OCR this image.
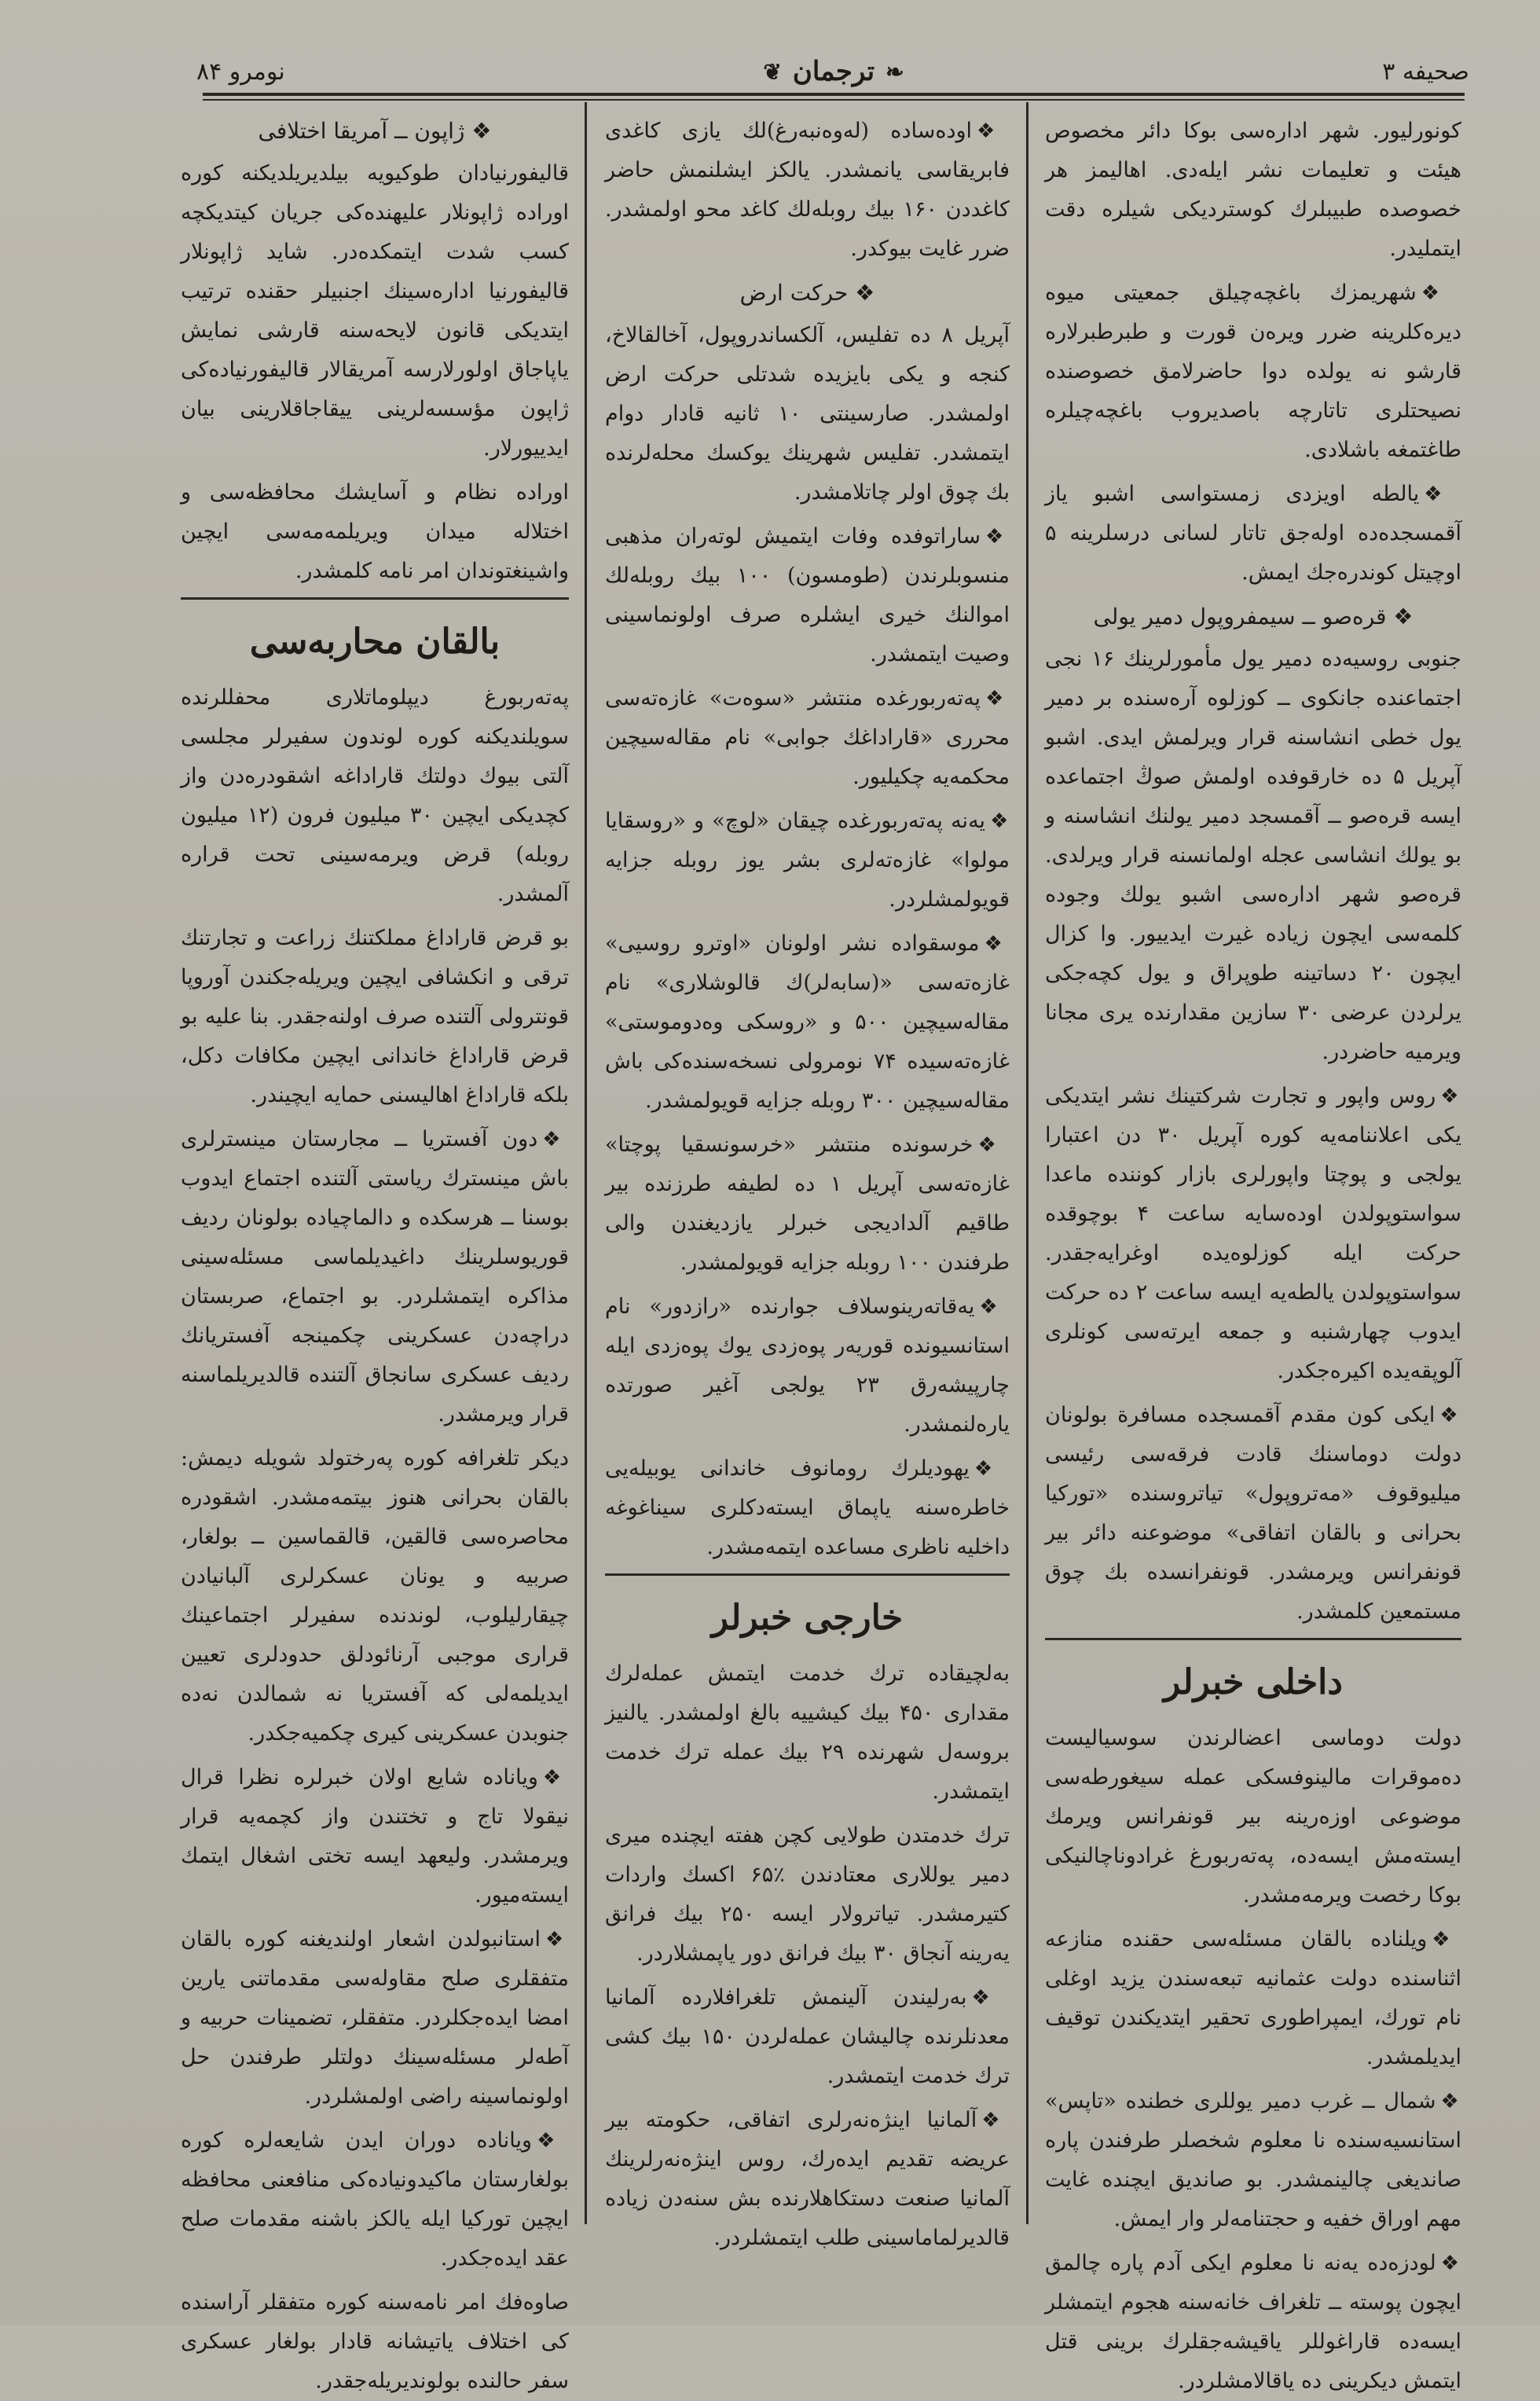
صحیفه ۳
❧
ترجمان
❦
نومرو ۸۴

کونورلیور. شهر ادارەسی بوکا دائر مخصوص هیئت و تعلیمات نشر ایلەدی. اهالیمز هر خصوصدە طبیبلرك کوستردیکی شیلرە دقت ایتملیدر.

❖شهریمزك باغچەچیلق جمعیتی میوە دیرەکلرینە ضرر ویرەن قورت و طبرطبرلارە قارشو نە یولدە دوا حاضرلامق خصوصندە نصیحتلری تاتارچە باصدیروب باغچەچیلرە طاغتمغە باشلادی.

❖یالطە اویزدی زمستواسی اشبو یاز آقمسجدەدە اولەجق تاتار لسانی درسلرینە ۵ اوچیتل کوندرەجك ایمش.

❖ قرەصو ــ سیمفروپول دمیر یولی

جنوبی روسیەدە دمیر یول مأمورلرینك ۱۶ نجی اجتماعندە جانکوی ــ کوزلوە آرەسندە بر دمیر یول خطی انشاسنە قرار ویرلمش ایدی. اشبو آپریل ۵ دە خارقوفدە اولمش صوڭ اجتماعدە ایسە قرەصو ــ آقمسجد دمیر یولنك انشاسنە و بو یولك انشاسی عجلە اولمانسنە قرار ویرلدی. قرەصو شهر ادارەسی اشبو یولك وجودە کلمەسی ایچون زیادە غیرت ایدییور. وا کزال ایچون ۲۰ دساتینە طوپراق و یول کچەجکی یرلردن عرضی ۳۰ سازین مقدارندە یری مجانا ویرمیە حاضردر.

❖روس واپور و تجارت شرکتینك نشر ایتدیکی یکی اعلاننامەیە کورە آپریل ۳۰ دن اعتبارا یولجی و پوچتا واپورلری بازار کوننده ماعدا سواستوپولدن اودەسایە ساعت ۴ بوچوقدە حرکت ایلە کوزلوەیدە اوغرایەجقدر. سواستوپولدن یالطەیە ایسە ساعت ۲ دە حرکت ایدوب چهارشنبە و جمعە ایرتەسی کونلری آلوپقەیدە اکیرەجکدر.

❖ایکی کون مقدم آقمسجدە مسافرة بولونان دولت دوماسنك قادت فرقەسی رئیسی میلیوقوف «مەتروپول» تیاتروسندە «توركیا بحرانی و بالقان اتفاقی» موضوعنە دائر بیر قونفرانس ویرمشدر. قونفرانسدە بك چوق مستمعین کلمشدر.

داخلی خبرلر

دولت دوماسی اعضالرندن سوسیالیست دەموقرات مالینوفسکی عملە سیغورطەسی موضوعی اوزەرینە بیر قونفرانس ویرمك ایستەمش ایسەدە، پەتەربورغ غرادوناچالنیکی بوکا رخصت ویرمەمشدر.

❖ویلنادە بالقان مسئلەسی حقندە منازعە اثناسندە دولت عثمانیە تبعەسندن یزید اوغلی نام تورك، ایمپراطوری تحقیر ایتدیکندن توقیف ایدیلمشدر.

❖شمال ــ غرب دمیر یوللری خطندە «تاپس» استانسیەسندە نا معلوم شخصلر طرفندن پارە صاندیغی چالینمشدر. بو صاندیق ایچندە غایت مهم اوراق خفیە و حجتنامەلر وار ایمش.

❖لودزەدە یەنە نا معلوم ایکی آدم پارە چالمق ایچون پوستە ــ تلغراف خانەسنە هجوم ایتمشلر ایسەدە قاراغوللر یاقیشەجقلرك برینی قتل ایتمش دیکرینی دە یاقالامشلردر.

❖اودەساده (لەوەنبەرغ)لك یازی کاغدی فابریقاسی یانمشدر. یالکز ایشلنمش حاضر کاغددن ۱۶۰ بیك روبلەلك کاغد محو اولمشدر. ضرر غایت بیوکدر.

❖ حرکت ارض

آپریل ۸ دە تفلیس، آلکساندروپول، آخالقالاخ، کنجە و یکی بایزیدە شدتلی حرکت ارض اولمشدر. صارسینتی ۱۰ ثانیە قادار دوام ایتمشدر. تفلیس شهرینك یوکسك محلەلرندە بك چوق اولر چاتلامشدر.

❖ساراتوفدە وفات ایتمیش لوتەران مذهبی منسوبلرندن (طومسون) ۱۰۰ بیك روبلەلك اموالنك خیری ایشلرە صرف اولونماسینی وصیت ایتمشدر.

❖پەتەربورغدە منتشر «سوەت» غازەتەسی محرری «قاراداغك جوابی» نام مقالەسیچین محکمەیە چکیلیور.

❖یەنە پەتەربورغدە چیقان «لوچ» و «روسقایا مولوا» غازەتەلری بشر یوز روبلە جزایە قویولمشلردر.

❖موسقوادە نشر اولونان «اوترو روسیی» غازەتەسی «(سابەلر)ك قالوشلاری» نام مقالەسیچین ۵۰۰ و «روسکی وەدوموستی» غازەتەسیدە ۷۴ نومرولی نسخەسندەکی باش مقالەسیچین ۳۰۰ روبلە جزایە قویولمشدر.

❖خرسوندە منتشر «خرسونسقیا پوچتا» غازەتەسی آپریل ۱ دە لطیفە طرزندە بیر طاقیم آلدادیجی خبرلر یازدیغندن والی طرفندن ۱۰۰ روبلە جزایە قویولمشدر.

❖یەقاتەرینوسلاف جوارندە «رازدور» نام استانسیوندە قوریەر پوەزدی یوك پوەزدی ایلە چارپیشەرق ۲۳ یولجی آغیر صورتدە یارەلنمشدر.

❖یهودیلرك رومانوف خاندانی یوبیلەیی خاطرەسنە یاپماق ایستەدکلری سیناغوغە داخلیە ناظری مساعدە ایتمەمشدر.

خارجی خبرلر

بەلچیقادە ترك خدمت ایتمش عملەلرك مقداری ۴۵۰ بیك کیشییە بالغ اولمشدر. یالنیز بروسەل شهرندە ۲۹ بیك عملە ترك خدمت ایتمشدر.

ترك خدمتدن طولایی کچن هفتە ایچندە میری دمیر یوللاری معتادندن ٪۶۵ اکسك واردات کتیرمشدر. تیاترولار ایسە ۲۵۰ بیك فرانق یەرینە آنجاق ۳۰ بیك فرانق دور یاپمشلاردر.

❖بەرلیندن آلینمش تلغرافلاردە آلمانیا معدنلرندە چالیشان عملەلردن ۱۵۰ بیك کشی ترك خدمت ایتمشدر.

❖آلمانیا اینژەنەرلری اتفاقی، حکومتە بیر عریضە تقدیم ایدەرك، روس اینژەنەرلرینك آلمانیا صنعت دستکاهلارندە بش سنەدن زیادە قالدیرلماماسینی طلب ایتمشلردر.

❖ ژاپون ــ آمریقا اختلافی

قالیفورنیادان طوکیویە بیلدیریلدیکنە کورە اورادە ژاپونلار علیهندەکی جریان کیتدیکچە کسب شدت ایتمکدەدر. شاید ژاپونلار قالیفورنیا ادارەسینك اجنبیلر حقندە ترتیب ایتدیکی قانون لایحەسنە قارشی نمایش یاپاجاق اولورلارسە آمریقالار قالیفورنیادەکی ژاپون مؤسسەلرینی ییقاجاقلارینی بیان ایدییورلار.

اورادە نظام و آسایشك محافظەسی و اختلالە میدان ویریلمەمەسی ایچین واشینغتوندان امر نامە کلمشدر.

بالقان محاربەسی

پەتەربورغ دیپلوماتلاری محفللرندە سویلندیکنە کورە لوندون سفیرلر مجلسی آلتی بیوك دولتك قاراداغە اشقودرەدن واز کچدیکی ایچین ۳۰ میلیون فرون (۱۲ میلیون روبلە) قرض ویرمەسینی تحت قرارە آلمشدر.

بو قرض قاراداغ مملکتنك زراعت و تجارتنك ترقی و انکشافی ایچین ویریلەجکندن آوروپا قونترولی آلتندە صرف اولنەجقدر. بنا علیە بو قرض قاراداغ خاندانی ایچین مکافات دکل، بلکە قاراداغ اهالیسنی حمایە ایچیندر.

❖دون آفستریا ــ مجارستان مینسترلری باش مینسترك ریاستی آلتندە اجتماع ایدوب بوسنا ــ هرسکدە و دالماچیادە بولونان ردیف قوریوسلرینك داغیدیلماسی مسئلەسینی مذاکرە ایتمشلردر. بو اجتماع، صربستان دراچەدن عسکرینی چکمینجە آفستریانك ردیف عسکری سانجاق آلتندە قالدیریلماسنە قرار ویرمشدر.

دیکر تلغرافە کورە پەرختولد شویلە دیمش: بالقان بحرانی هنوز بیتمەمشدر. اشقودرە محاصرەسی قالقین، قالقماسین ــ بولغار، صربیە و یونان عسکرلری آلبانیادن چیقارلیلوب، لوندندە سفیرلر اجتماعینك قراری موجبی آرنائودلق حدودلری تعیین ایدیلمەلی کە آفستریا نە شمالدن نەدە جنوبدن عسکرینی کیری چکمیەجکدر.

❖ویانادە شایع اولان خبرلرە نظرا قرال نیقولا تاج و تختندن واز کچمەیە قرار ویرمشدر. ولیعهد ایسە تختی اشغال ایتمك ایستەمیور.

❖استانبولدن اشعار اولندیغنە کورە بالقان متفقلری صلح مقاولەسی مقدماتنی یارین امضا ایدەجکلردر. متفقلر، تضمینات حربیە و آطەلر مسئلەسینك دولتلر طرفندن حل اولونماسینە راضی اولمشلردر.

❖ویانادە دوران ایدن شایعەلرە کورە بولغارستان ماکیدونیادەکی منافعنی محافظە ایچین توركیا ایلە یالکز باشنە مقدمات صلح عقد ایدەجکدر.

صاوەفك امر نامەسنە کورە متفقلر آراسندە کی اختلاف یاتیشانە قادار بولغار عسکری سفر حالندە بولوندیریلەجقدر.
